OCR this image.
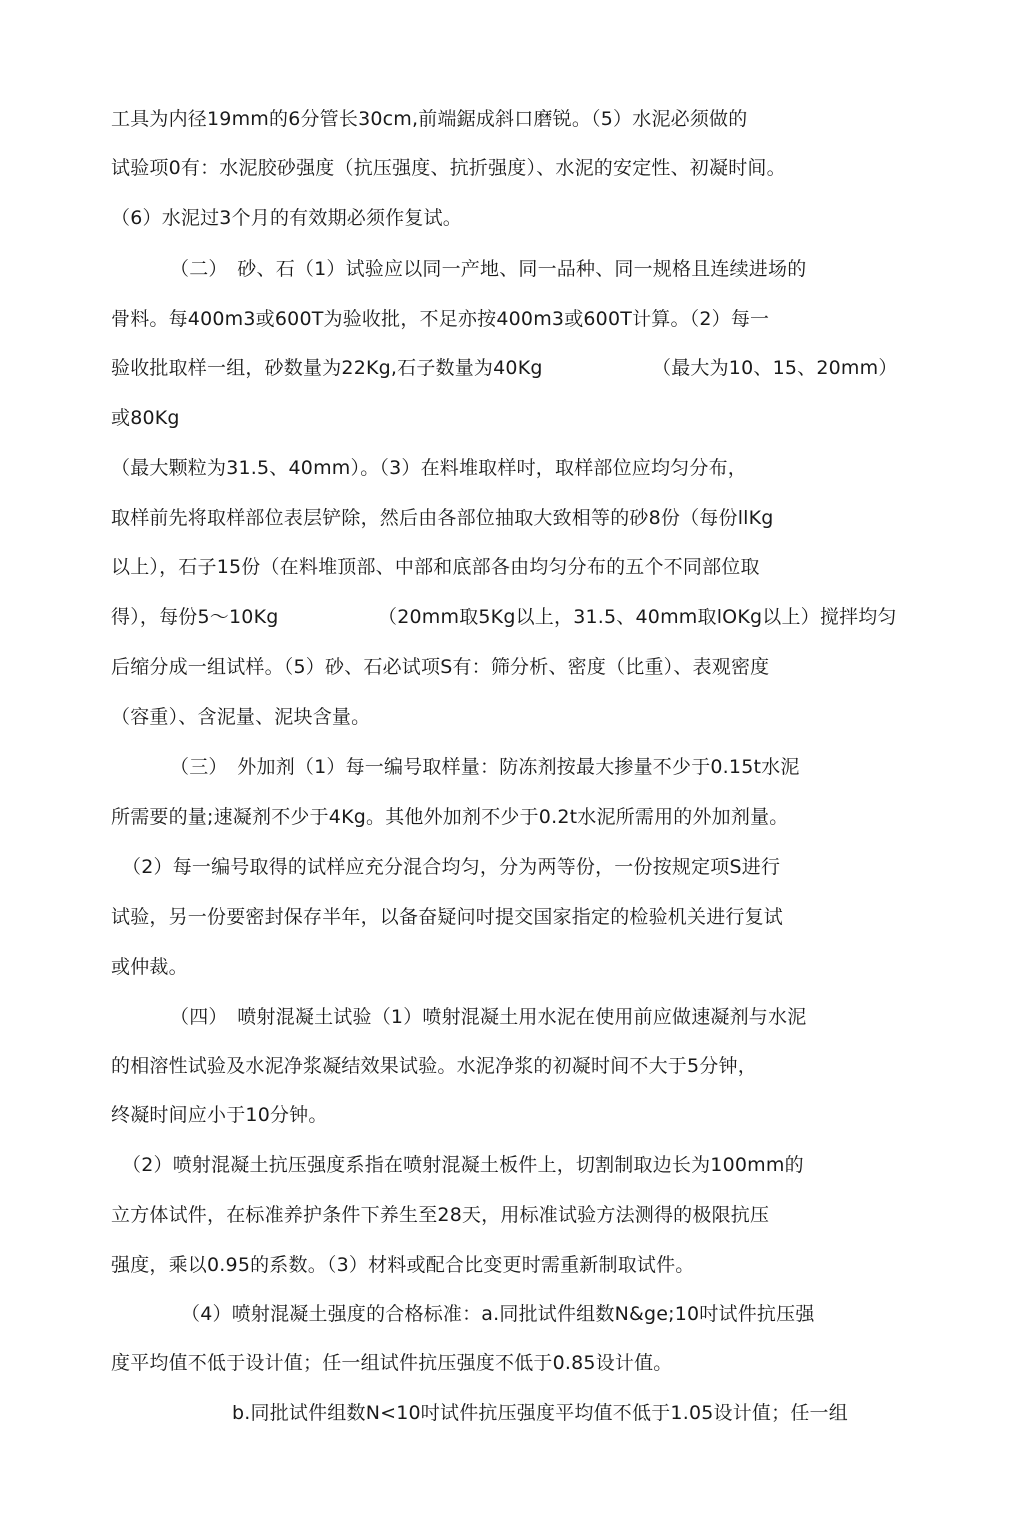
工具为内径19mm的6分管长30cm,前端鋸成斜口磨锐。（5）水泥必须做的
试验项0有：水泥胶砂强度（抗压强度、抗折强度）、水泥的安定性、初凝时间。
（6）水泥过3个月的有效期必须作复试。
（二）　砂、石（1）试验应以同一产地、同一品种、同一规格且连续进场的
骨料。每400m3或600T为验收批，不足亦按400m3或600T计算。（2）每一
验收批取样一组，砂数量为22Kg,石子数量为40Kg	（最大为10、15、20mm）
或80Kg
（最大颗粒为31.5、40mm）。（3）在料堆取样吋，取样部位应均匀分布，
取样前先将取样部位表层铲除，然后由各部位抽取大致相等的砂8份（每份llKg
以上），石子15份（在料堆顶部、中部和底部各由均匀分布的五个不同部位取
得），每份5～10Kg	（20mm取5Kg以上，31.5、40mm取lOKg以上）搅拌均匀
后缩分成一组试样。（5）砂、石必试项S有：筛分析、密度（比重）、表观密度
（容重）、含泥量、泥块含量。
（三）　外加剂（1）每一编号取样量：防冻剂按最大掺量不少于0.15t水泥
所需要的量;速凝剂不少于4Kg。其他外加剂不少于0.2t水泥所需用的外加剂量。
（2）每一编号取得的试样应充分混合均匀，分为两等份，一份按规定项S进行
试验，另一份要密封保存半年，以备奋疑问吋提交国家指定的检验机关进行复试
或仲裁。
（四）　喷射混凝土试验（1）喷射混凝土用水泥在使用前应做速凝剂与水泥
的相溶性试验及水泥净浆凝结效果试验。水泥净浆的初凝时间不大于5分钟，
终凝时间应小于10分钟。
（2）喷射混凝土抗压强度系指在喷射混凝土板件上，切割制取边长为100mm的
立方体试件，在标准养护条件下养生至28天，用标准试验方法测得的极限抗压
强度，乘以0.95的系数。（3）材料或配合比变更时需重新制取试件。
（4）喷射混凝土强度的合格标准：a.同批试件组数N&ge;10吋试件抗压强
度平均值不低于设计值；任一组试件抗压强度不低于0.85设计值。
b.同批试件组数N<10吋试件抗压强度平均值不低于1.05设计值；任一组
